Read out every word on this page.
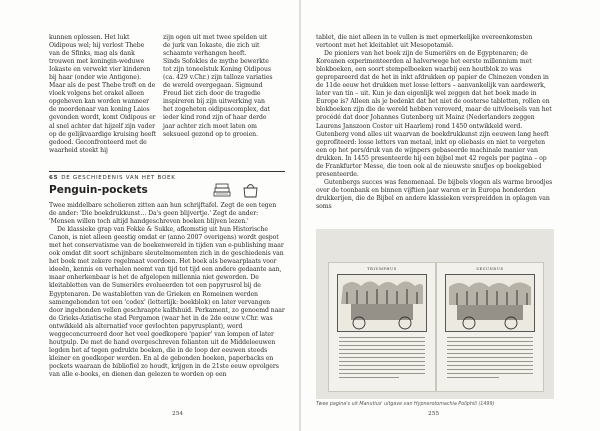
kunnen oplossen. Het lukt Oidipous wel; hij verlost Thebe van de Sfinks, mag als dank trouwen met koningin-weduwe Iokaste en verwekt vier kinderen bij haar (onder wie Antigone). Maar als de pest Thebe treft en de vloek volgens het orakel alleen opgeheven kan worden wanneer de moordenaar van koning Laios gevonden wordt, komt Oidipous er al snel achter dat hijzelf zijn vader op de gelijkvaardige kruising heeft gedood. Geconfronteerd met de waarheid steekt hij

zijn ogen uit met twee spelden uit de jurk van Iokaste, die zich uit schaamte verhangen heeft.

Sinds Sofokles de mythe bewerkte tot zijn toneelstuk Koning Oidipous (ca. 429 v.Chr.) zijn talloze variaties de wereld overgegaan. Sigmund Freud liet zich door de tragedie inspireren bij zijn uitwerking van het zogeheten oidipuscomplex, dat ieder kind rond zijn of haar derde jaar achter zich moet laten om seksueel gezond op te groeien.

65 DE GESCHIEDENIS VAN HET BOEK
Penguin-pockets

Twee middelbare scholieren zitten aan hun schrijftafel. Zegt de een tegen de ander: 'Die boekdrukkunst… Da's geen blijvertje.' Zegt de ander: 'Mensen willen toch altijd handgeschreven boeken blijven lezen.'

De klassieke grap van Fokke & Sukke, afkomstig uit hun Historische Canon, is niet alleen geestig omdat er (anno 2007 overigens) wordt gespot met het conservatisme van de boekenwereld in tijden van e-publishing maar ook omdat dit soort schijnbare sleutelmomenten zich in de geschiedenis van het boek met zekere regelmaat voordoen. Het boek als bewaarplaats voor ideeën, kennis en verhalen neemt van tijd tot tijd een andere gedaante aan, maar onherkenbaar is het de afgelopen millennia niet geworden. De kleitabletten van de Sumeriërs evolueerden tot een papyrusrol bij de Egyptenaren. De wastabletten van de Grieken en Romeinen werden samengebonden tot een 'codex' (letterlijk: boekblok) en later vervangen door ingebonden vellen geschraapte kalfshuid. Perkament, zo genoemd naar de Grieks-Aziatische stad Pergamon (waar het in de 2de eeuw v.Chr. was ontwikkeld als alternatief voor gevlochten papyrusplant), werd weggeconcurreerd door het veel goedkopere 'papier' van lompen of later houtpulp. De met de hand overgeschreven folianten uit de Middeleeuwen legden het af tegen gedrukte boeken, die in de loop der eeuwen steeds kleiner en goedkoper werden. En al de gebonden boeken, paperbacks en pockets waaraan de bibliofiel zo houdt, krijgen in de 21ste eeuw opvolgers van alle e-books, en dienen dan gelezen te worden op een

254

tablet, die niet alleen in te vullen is met opmerkelijke overeenkomsten vertoont met het kleitablet uit Mesopotamië.

De pioniers van het boek zijn de Sumeriërs en de Egyptenaren; de Koreanen experimenteerden al halverwege het eerste millennium met blokboeken, een soort stempelboeken waarbij een houtblok zo was geprepareerd dat de het in inkt afdrukken op papier de Chinezen vonden in de 11de eeuw het drukken met losse letters – aanvankelijk van aardewerk, later van tin – uit. Kun je dan eigenlijk wel zeggen dat het boek made in Europe is? Alleen als je bedenkt dat het niet de oosterse tabletten, rollen en blokboeken zijn die de wereld hebben veroverd, maar de uitvloeisels van het procédé dat door Johannes Gutenberg uit Mainz (Nederlanders zeggen Laurens Janszoon Coster uit Haarlem) rond 1450 ontwikkeld werd. Gutenberg vond alles uit waarvan de boekdrukkunst zijn eeuwen lang heeft geprofiteerd: losse letters van metaal, inkt op oliebasis en niet te vergeten een op het pers/druk van de wijnpers gebaseerde machinale manier van drukken. In 1455 presenteerde hij een bijbel met 42 regels per pagina – op de Frankfurter Messe, die toen ook al de nieuwste snufjes op boekgebied presenteerde.

Gutenbergs succes was fenomenaal. De bijbels vlogen als warme broodjes over de toonbank en binnen vijftien jaar waren er in Europa honderden drukkerijen, die de Bijbel en andere klassieken verspreidden in oplagen van soms

TRIUMPHUS	SECUNDUS
Twee pagina's uit Manutius' uitgave van Hypnerotomachia Poliphili (1499)
255
